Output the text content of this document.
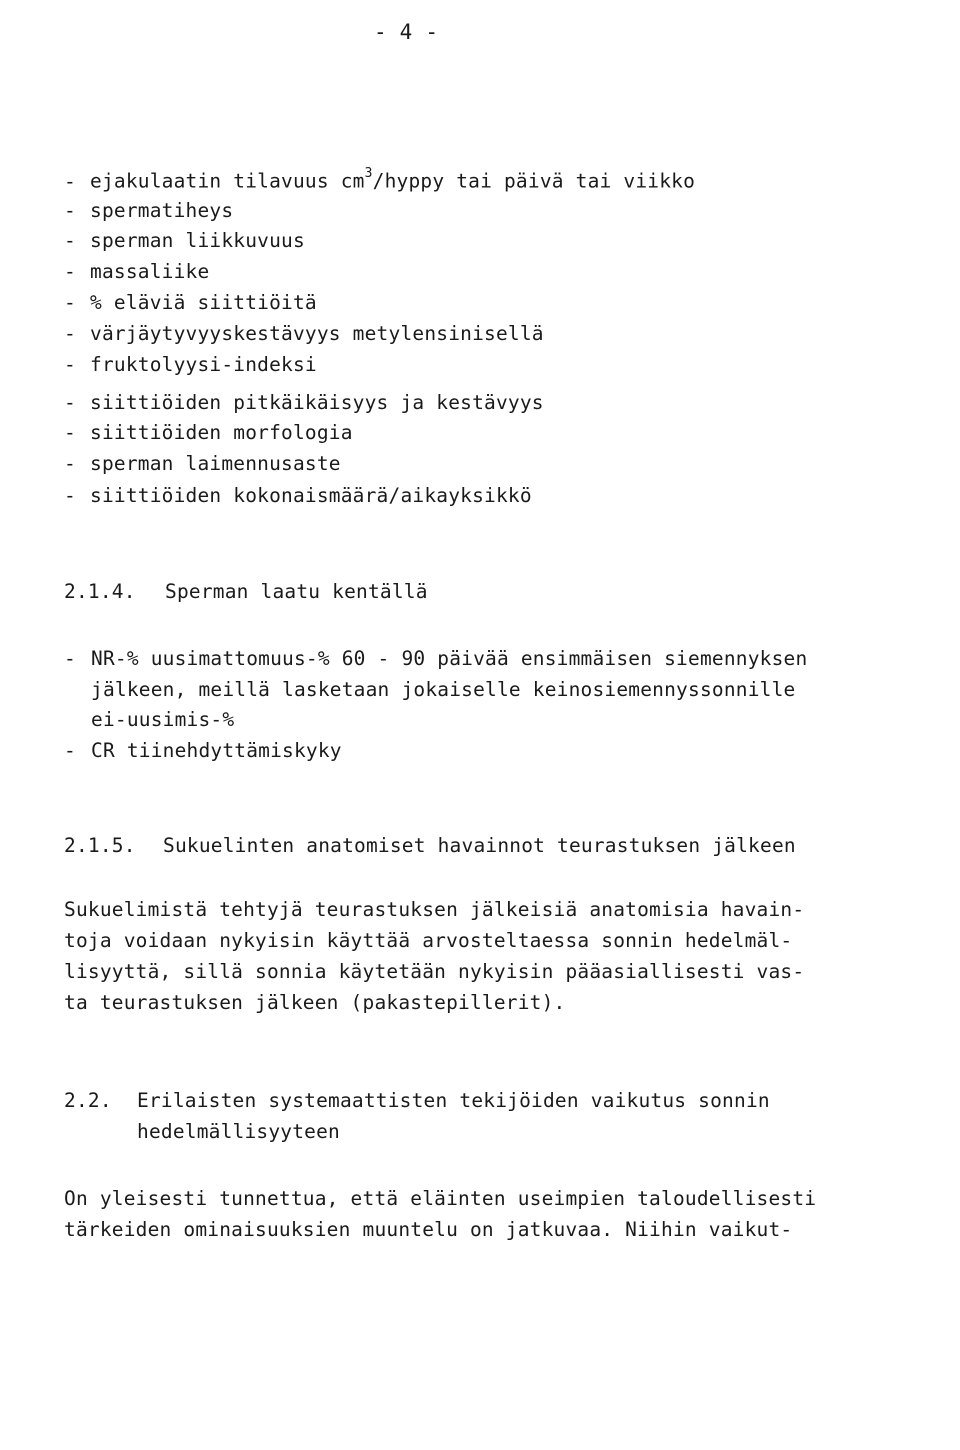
- 4 -
- ejakulaatin tilavuus $cm^3$/hyppy tai päivä tai viikko
- spermatiheys
- sperman liikkuvuus
- massaliike
- % eläviä siittiöitä
- värjäytyvyyskestävyys metylensinisellä
- fruktolyysi-indeksi
- siittiöiden pitkäikäisyys ja kestävyys
- siittiöiden morfologia
- sperman laimennusaste
- siittiöiden kokonaismäärä/aikayksikkö
2.1.4. Sperman laatu kentällä
- NR-% uusimattomuus-% 60 - 90 päivää ensimmäisen siemennyksen
jälkeen, meillä lasketaan jokaiselle keinosiemennyssonnille
ei-uusimis-%
- CR tiinehdyttämiskyky
2.1.5. Sukuelinten anatomiset havainnot teurastuksen jälkeen
Sukuelimistä tehtyjä teurastuksen jälkeisiä anatomisia havain-
toja voidaan nykyisin käyttää arvosteltaessa sonnin hedelmäl-
lisyyttä, sillä sonnia käytetään nykyisin pääasiallisesti vas-
ta teurastuksen jälkeen (pakastepillerit).
2.2. Erilaisten systemaattisten tekijöiden vaikutus sonnin
hedelmällisyyteen
On yleisesti tunnettua, että eläinten useimpien taloudellisesti
tärkeiden ominaisuuksien muuntelu on jatkuvaa. Niihin vaikut-
